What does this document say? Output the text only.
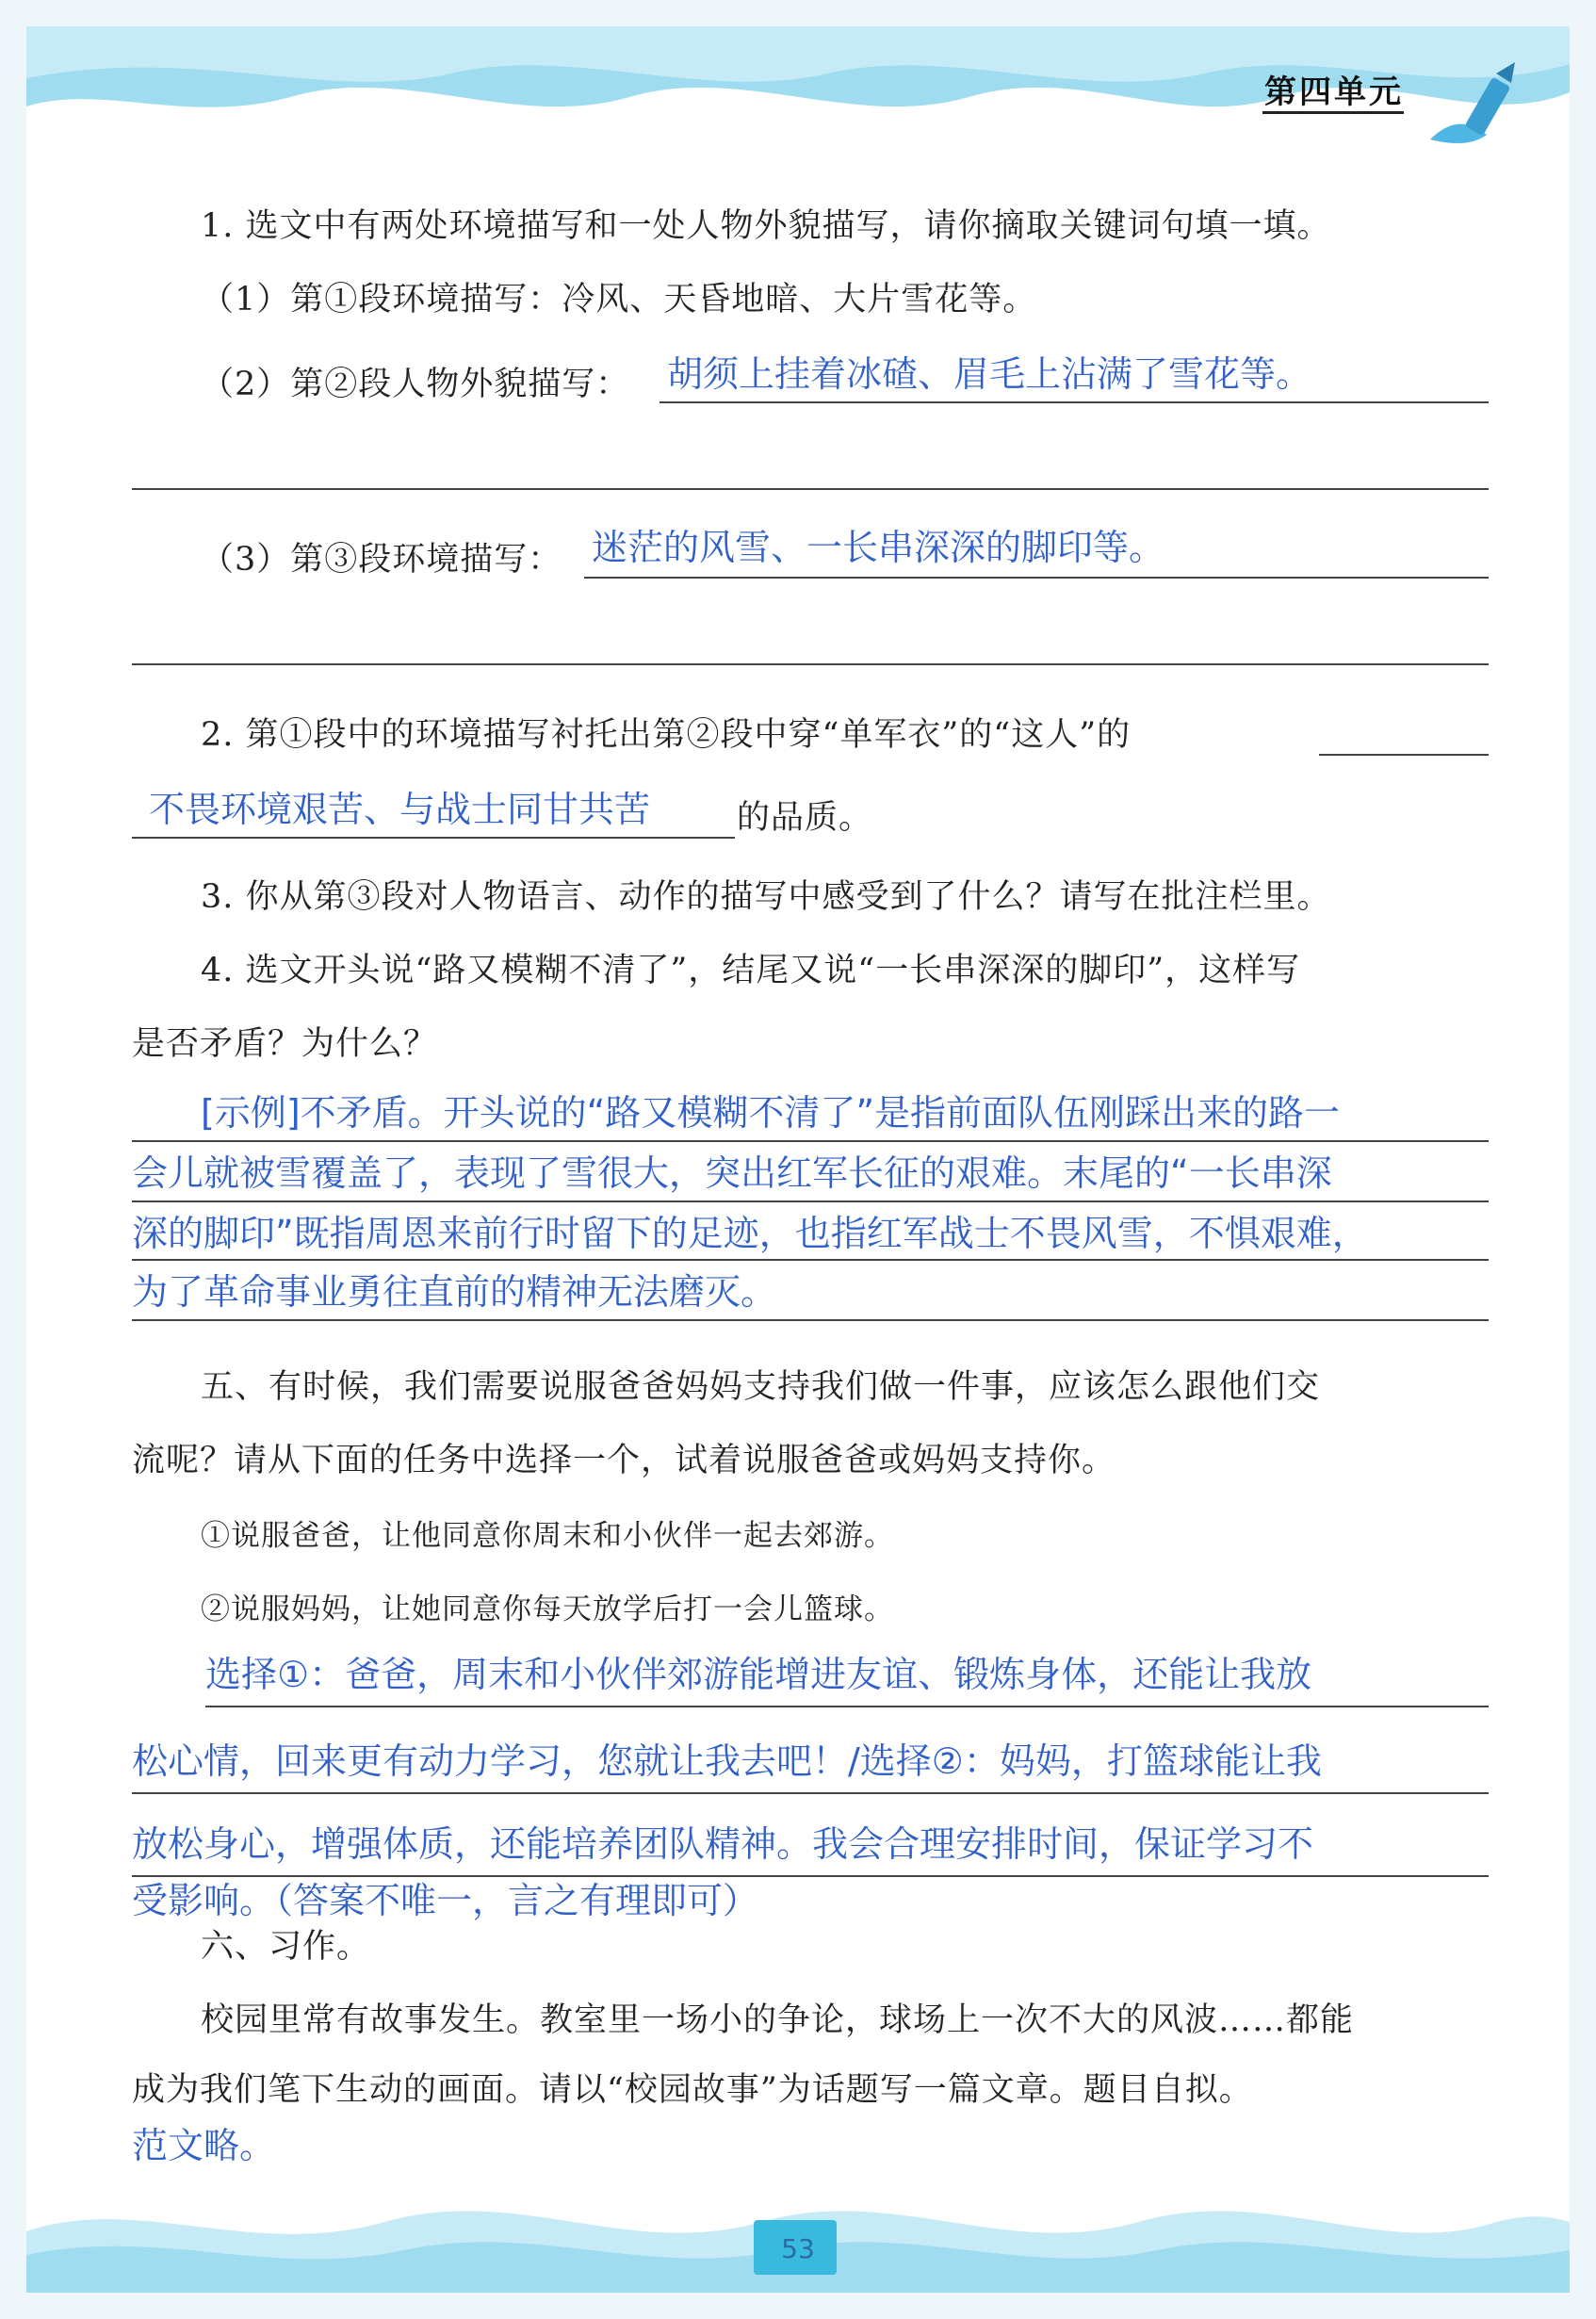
第四单元
1. 选文中有两处环境描写和一处人物外貌描写，请你摘取关键词句填一填。
（1）第①段环境描写：冷风、天昏地暗、大片雪花等。
（2）第②段人物外貌描写： 胡须上挂着冰碴、眉毛上沾满了雪花等。
（3）第③段环境描写： 迷茫的风雪、一长串深深的脚印等。
2. 第①段中的环境描写衬托出第②段中穿“单军衣”的“这人”的
不畏环境艰苦、与战士同甘共苦	的品质。
3. 你从第③段对人物语言、动作的描写中感受到了什么？请写在批注栏里。
4. 选文开头说“路又模糊不清了”，结尾又说“一长串深深的脚印”，这样写
是否矛盾？为什么？
[示例]不矛盾。开头说的“路又模糊不清了”是指前面队伍刚踩出来的路一
会儿就被雪覆盖了，表现了雪很大，突出红军长征的艰难。末尾的“一长串深
深的脚印”既指周恩来前行时留下的足迹，也指红军战士不畏风雪，不惧艰难，
为了革命事业勇往直前的精神无法磨灭。
五、有时候，我们需要说服爸爸妈妈支持我们做一件事，应该怎么跟他们交
流呢？请从下面的任务中选择一个，试着说服爸爸或妈妈支持你。
①说服爸爸，让他同意你周末和小伙伴一起去郊游。
②说服妈妈，让她同意你每天放学后打一会儿篮球。
选择①：爸爸，周末和小伙伴郊游能增进友谊、锻炼身体，还能让我放
松心情，回来更有动力学习，您就让我去吧！/选择②：妈妈，打篮球能让我
放松身心，增强体质，还能培养团队精神。我会合理安排时间，保证学习不
受影响。（答案不唯一，言之有理即可）
六、习作。
校园里常有故事发生。教室里一场小的争论，球场上一次不大的风波……都能
成为我们笔下生动的画面。请以“校园故事”为话题写一篇文章。题目自拟。
范文略。
53
